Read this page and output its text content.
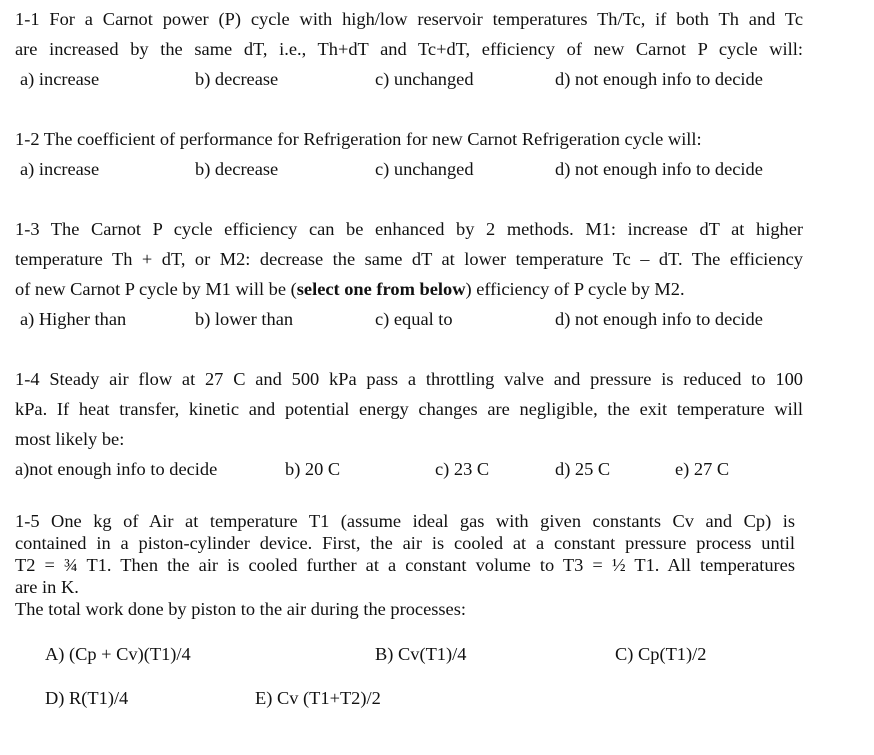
1-1 For a Carnot power (P) cycle with high/low reservoir temperatures Th/Tc, if both Th and Tc
are increased by the same dT, i.e., Th+dT and Tc+dT, efficiency of new Carnot P cycle will:
a) increase	b) decrease	c) unchanged	d) not enough info to decide
1-2 The coefficient of performance for Refrigeration for new Carnot Refrigeration cycle will:
a) increase	b) decrease	c) unchanged	d) not enough info to decide
1-3 The Carnot P cycle efficiency can be enhanced by 2 methods. M1: increase dT at higher
temperature Th + dT, or M2: decrease the same dT at lower temperature Tc – dT. The efficiency
of new Carnot P cycle by M1 will be (select one from below) efficiency of P cycle by M2.
a) Higher than	b) lower than	c) equal to	d) not enough info to decide
1-4 Steady air flow at 27 C and 500 kPa pass a throttling valve and pressure is reduced to 100
kPa. If heat transfer, kinetic and potential energy changes are negligible, the exit temperature will
most likely be:
a)not enough info to decide	b) 20 C	c) 23 C	d) 25 C	e) 27 C
1-5 One kg of Air at temperature T1 (assume ideal gas with given constants Cv and Cp) is
contained in a piston-cylinder device. First, the air is cooled at a constant pressure process until
T2 = ¾ T1. Then the air is cooled further at a constant volume to T3 = ½ T1. All temperatures
are in K.
The total work done by piston to the air during the processes:
A) (Cp + Cv)(T1)/4	B) Cv(T1)/4	C) Cp(T1)/2
D) R(T1)/4	E) Cv (T1+T2)/2
